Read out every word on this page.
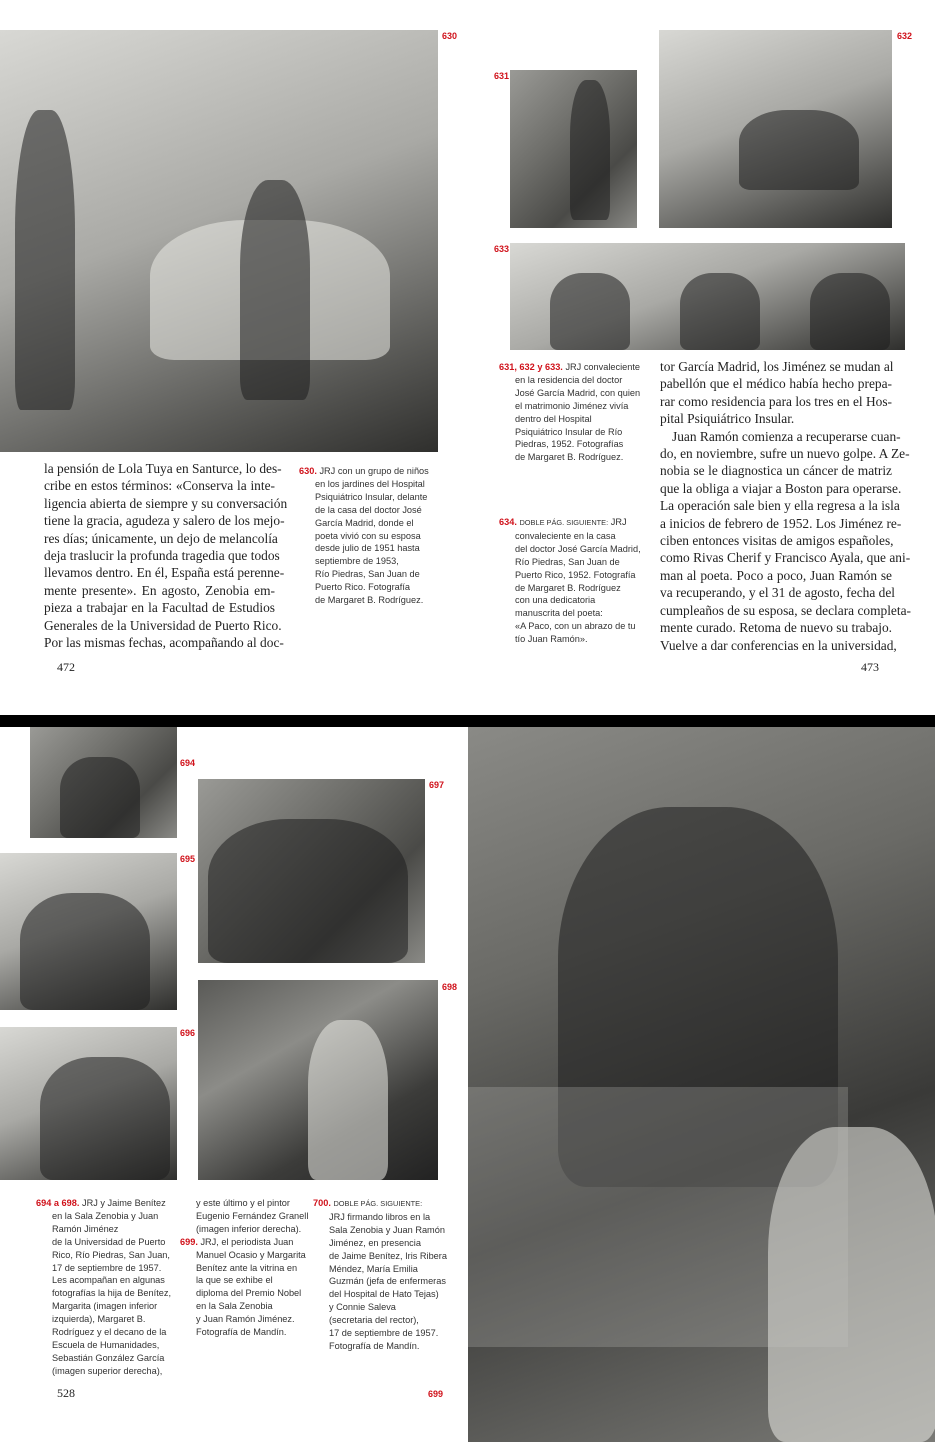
630
631
632
633
la pensión de Lola Tuya en Santurce, lo des-
cribe en estos términos: «Conserva la inte-
ligencia abierta de siempre y su conversación
tiene la gracia, agudeza y salero de los mejo-
res días; únicamente, un dejo de melancolía
deja traslucir la profunda tragedia que todos
llevamos dentro. En él, España está perenne-
mente presente». En agosto, Zenobia em-
pieza a trabajar en la Facultad de Estudios
Generales de la Universidad de Puerto Rico.
Por las mismas fechas, acompañando al doc-
630. JRJ con un grupo de niños
en los jardines del Hospital
Psiquiátrico Insular, delante
de la casa del doctor José
García Madrid, donde el
poeta vivió con su esposa
desde julio de 1951 hasta
septiembre de 1953,
Río Piedras, San Juan de
Puerto Rico. Fotografía
de Margaret B. Rodríguez.
631, 632 y 633. JRJ convaleciente
en la residencia del doctor
José García Madrid, con quien
el matrimonio Jiménez vivía
dentro del Hospital
Psiquiátrico Insular de Río
Piedras, 1952. Fotografías
de Margaret B. Rodríguez.
634. DOBLE PÁG. SIGUIENTE: JRJ
convaleciente en la casa
del doctor José García Madrid,
Río Piedras, San Juan de
Puerto Rico, 1952. Fotografía
de Margaret B. Rodríguez
con una dedicatoria
manuscrita del poeta:
«A Paco, con un abrazo de tu
tío Juan Ramón».
tor García Madrid, los Jiménez se mudan al
pabellón que el médico había hecho prepa-
rar como residencia para los tres en el Hos-
pital Psiquiátrico Insular.
Juan Ramón comienza a recuperarse cuan-
do, en noviembre, sufre un nuevo golpe. A Ze-
nobia se le diagnostica un cáncer de matriz
que la obliga a viajar a Boston para operarse.
La operación sale bien y ella regresa a la isla
a inicios de febrero de 1952. Los Jiménez re-
ciben entonces visitas de amigos españoles,
como Rivas Cherif y Francisco Ayala, que ani-
man al poeta. Poco a poco, Juan Ramón se
va recuperando, y el 31 de agosto, fecha del
cumpleaños de su esposa, se declara completa-
mente curado. Retoma de nuevo su trabajo.
Vuelve a dar conferencias en la universidad,
472	473
694
695
696
697
698
694 a 698. JRJ y Jaime Benítez
en la Sala Zenobia y Juan
Ramón Jiménez
de la Universidad de Puerto
Rico, Río Piedras, San Juan,
17 de septiembre de 1957.
Les acompañan en algunas
fotografías la hija de Benítez,
Margarita (imagen inferior
izquierda), Margaret B.
Rodríguez y el decano de la
Escuela de Humanidades,
Sebastián González García
(imagen superior derecha),
y este último y el pintor
Eugenio Fernández Granell
(imagen inferior derecha).
699. JRJ, el periodista Juan
Manuel Ocasio y Margarita
Benítez ante la vitrina en
la que se exhibe el
diploma del Premio Nobel
en la Sala Zenobia
y Juan Ramón Jiménez.
Fotografía de Mandín.
700. DOBLE PÁG. SIGUIENTE:
JRJ firmando libros en la
Sala Zenobia y Juan Ramón
Jiménez, en presencia
de Jaime Benítez, Iris Ribera
Méndez, María Emilia
Guzmán (jefa de enfermeras
del Hospital de Hato Tejas)
y Connie Saleva
(secretaria del rector),
17 de septiembre de 1957.
Fotografía de Mandín.
528	699
